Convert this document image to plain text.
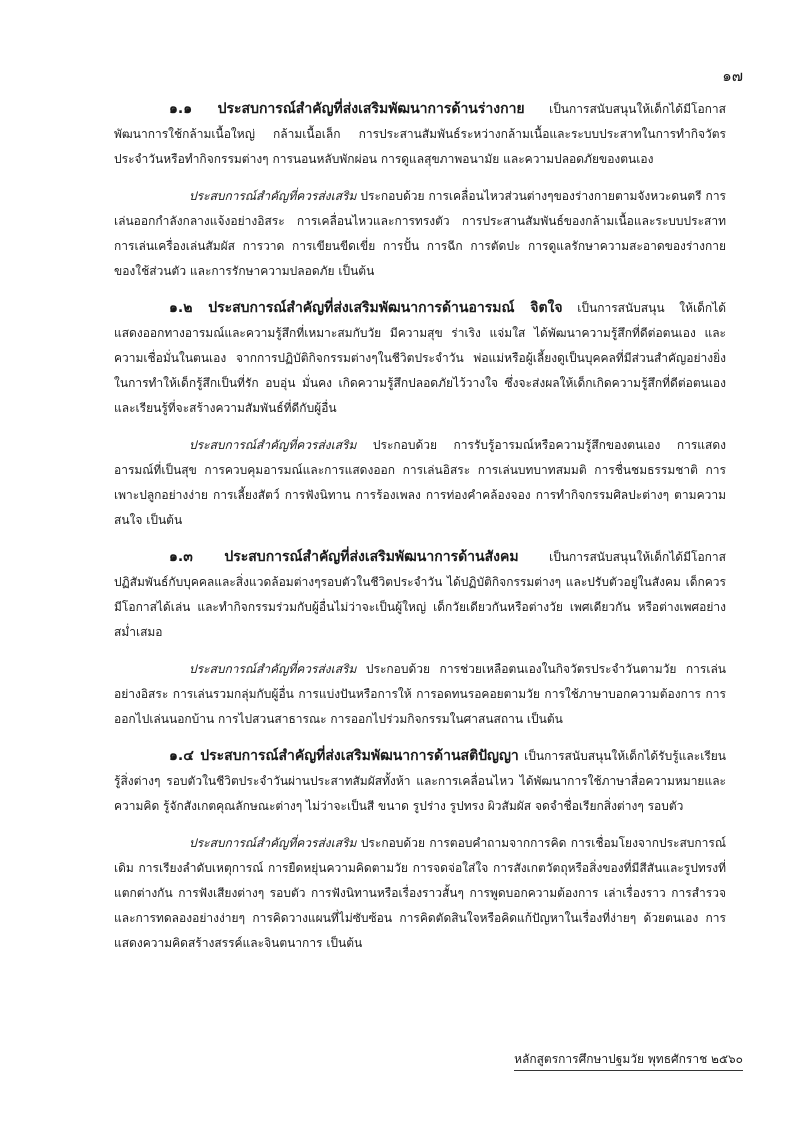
๑๗

๑.๑ ประสบการณ์สำคัญที่ส่งเสริมพัฒนาการด้านร่างกาย เป็นการสนับสนุนให้เด็กได้มีโอกาสพัฒนาการใช้กล้ามเนื้อใหญ่ กล้ามเนื้อเล็ก การประสานสัมพันธ์ระหว่างกล้ามเนื้อและระบบประสาทในการทำกิจวัตรประจำวันหรือทำกิจกรรมต่างๆ การนอนหลับพักผ่อน การดูแลสุขภาพอนามัย และความปลอดภัยของตนเอง

ประสบการณ์สำคัญที่ควรส่งเสริม ประกอบด้วย การเคลื่อนไหวส่วนต่างๆของร่างกายตามจังหวะดนตรี การเล่นออกกำลังกลางแจ้งอย่างอิสระ การเคลื่อนไหวและการทรงตัว การประสานสัมพันธ์ของกล้ามเนื้อและระบบประสาท การเล่นเครื่องเล่นสัมผัส การวาด การเขียนขีดเขี่ย การปั้น การฉีก การตัดปะ การดูแลรักษาความสะอาดของร่างกาย ของใช้ส่วนตัว และการรักษาความปลอดภัย เป็นต้น

๑.๒ ประสบการณ์สำคัญที่ส่งเสริมพัฒนาการด้านอารมณ์ จิตใจ เป็นการสนับสนุน ให้เด็กได้แสดงออกทางอารมณ์และความรู้สึกที่เหมาะสมกับวัย มีความสุข ร่าเริง แจ่มใส ได้พัฒนาความรู้สึกที่ดีต่อตนเอง และความเชื่อมั่นในตนเอง จากการปฏิบัติกิจกรรมต่างๆในชีวิตประจำวัน พ่อแม่หรือผู้เลี้ยงดูเป็นบุคคลที่มีส่วนสำคัญอย่างยิ่งในการทำให้เด็กรู้สึกเป็นที่รัก อบอุ่น มั่นคง เกิดความรู้สึกปลอดภัยไว้วางใจ ซึ่งจะส่งผลให้เด็กเกิดความรู้สึกที่ดีต่อตนเองและเรียนรู้ที่จะสร้างความสัมพันธ์ที่ดีกับผู้อื่น

ประสบการณ์สำคัญที่ควรส่งเสริม ประกอบด้วย การรับรู้อารมณ์หรือความรู้สึกของตนเอง การแสดงอารมณ์ที่เป็นสุข การควบคุมอารมณ์และการแสดงออก การเล่นอิสระ การเล่นบทบาทสมมติ การชื่นชมธรรมชาติ การเพาะปลูกอย่างง่าย การเลี้ยงสัตว์ การฟังนิทาน การร้องเพลง การท่องคำคล้องจอง การทำกิจกรรมศิลปะต่างๆ ตามความสนใจ เป็นต้น

๑.๓ ประสบการณ์สำคัญที่ส่งเสริมพัฒนาการด้านสังคม เป็นการสนับสนุนให้เด็กได้มีโอกาสปฏิสัมพันธ์กับบุคคลและสิ่งแวดล้อมต่างๆรอบตัวในชีวิตประจำวัน ได้ปฏิบัติกิจกรรมต่างๆ และปรับตัวอยู่ในสังคม เด็กควรมีโอกาสได้เล่น และทำกิจกรรมร่วมกับผู้อื่นไม่ว่าจะเป็นผู้ใหญ่ เด็กวัยเดียวกันหรือต่างวัย เพศเดียวกัน หรือต่างเพศอย่างสม่ำเสมอ

ประสบการณ์สำคัญที่ควรส่งเสริม ประกอบด้วย การช่วยเหลือตนเองในกิจวัตรประจำวันตามวัย การเล่นอย่างอิสระ การเล่นรวมกลุ่มกับผู้อื่น การแบ่งปันหรือการให้ การอดทนรอคอยตามวัย การใช้ภาษาบอกความต้องการ การออกไปเล่นนอกบ้าน การไปสวนสาธารณะ การออกไปร่วมกิจกรรมในศาสนสถาน เป็นต้น

๑.๔ ประสบการณ์สำคัญที่ส่งเสริมพัฒนาการด้านสติปัญญา เป็นการสนับสนุนให้เด็กได้รับรู้และเรียนรู้สิ่งต่างๆ รอบตัวในชีวิตประจำวันผ่านประสาทสัมผัสทั้งห้า และการเคลื่อนไหว ได้พัฒนาการใช้ภาษาสื่อความหมายและความคิด รู้จักสังเกตคุณลักษณะต่างๆ ไม่ว่าจะเป็นสี ขนาด รูปร่าง รูปทรง ผิวสัมผัส จดจำชื่อเรียกสิ่งต่างๆ รอบตัว

ประสบการณ์สำคัญที่ควรส่งเสริม ประกอบด้วย การตอบคำถามจากการคิด การเชื่อมโยงจากประสบการณ์เดิม การเรียงลำดับเหตุการณ์ การยืดหยุ่นความคิดตามวัย การจดจ่อใส่ใจ การสังเกตวัตถุหรือสิ่งของที่มีสีสันและรูปทรงที่แตกต่างกัน การฟังเสียงต่างๆ รอบตัว การฟังนิทานหรือเรื่องราวสั้นๆ การพูดบอกความต้องการ เล่าเรื่องราว การสำรวจ และการทดลองอย่างง่ายๆ การคิดวางแผนที่ไม่ซับซ้อน การคิดตัดสินใจหรือคิดแก้ปัญหาในเรื่องที่ง่ายๆ ด้วยตนเอง การแสดงความคิดสร้างสรรค์และจินตนาการ เป็นต้น

หลักสูตรการศึกษาปฐมวัย พุทธศักราช ๒๕๖๐
